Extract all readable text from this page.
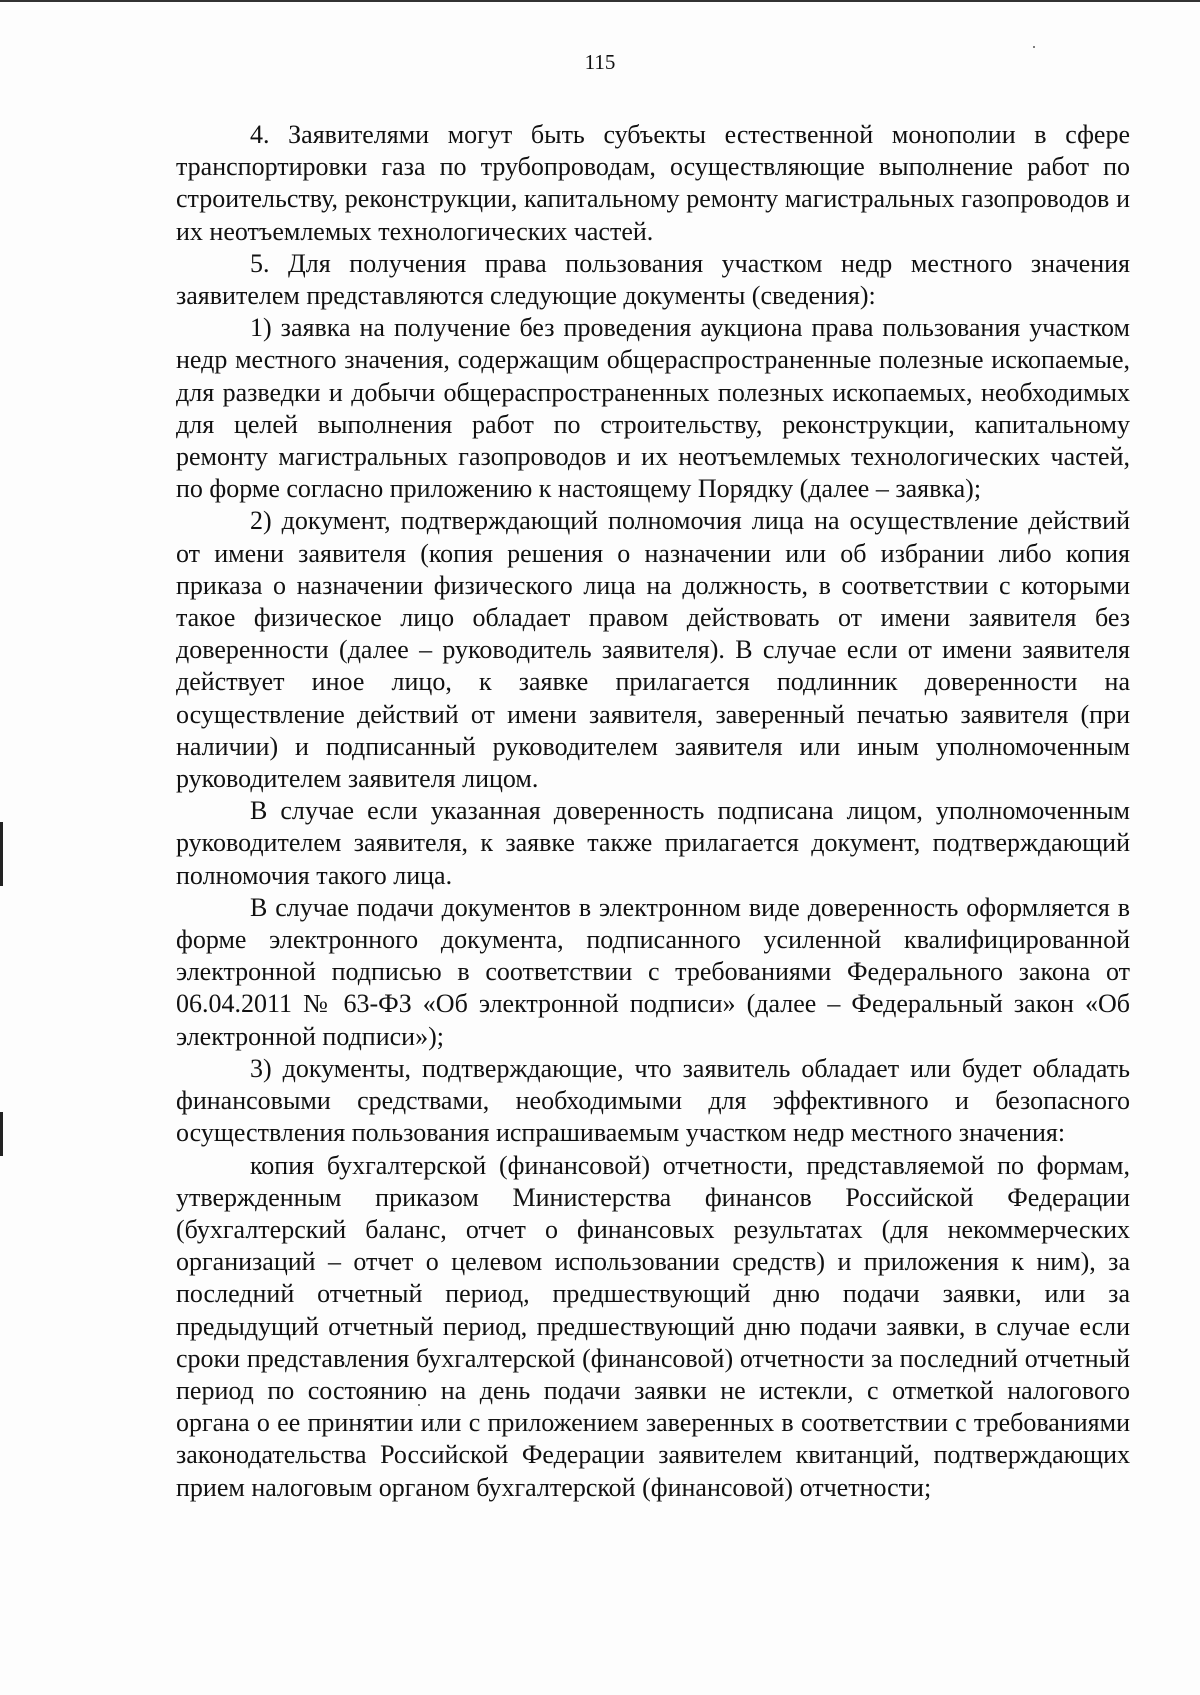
115

4. Заявителями могут быть субъекты естественной монополии в сфере транспортировки газа по трубопроводам, осуществляющие выполнение работ по строительству, реконструкции, капитальному ремонту магистральных газопроводов и их неотъемлемых технологических частей.

5. Для получения права пользования участком недр местного значения заявителем представляются следующие документы (сведения):

1) заявка на получение без проведения аукциона права пользования участком недр местного значения, содержащим общераспространенные полезные ископаемые, для разведки и добычи общераспространенных полезных ископаемых, необходимых для целей выполнения работ по строительству, реконструкции, капитальному ремонту магистральных газопроводов и их неотъемлемых технологических частей, по форме согласно приложению к настоящему Порядку (далее – заявка);

2) документ, подтверждающий полномочия лица на осуществление действий от имени заявителя (копия решения о назначении или об избрании либо копия приказа о назначении физического лица на должность, в соответствии с которыми такое физическое лицо обладает правом действовать от имени заявителя без доверенности (далее – руководитель заявителя). В случае если от имени заявителя действует иное лицо, к заявке прилагается подлинник доверенности на осуществление действий от имени заявителя, заверенный печатью заявителя (при наличии) и подписанный руководителем заявителя или иным уполномоченным руководителем заявителя лицом.

В случае если указанная доверенность подписана лицом, уполномоченным руководителем заявителя, к заявке также прилагается документ, подтверждающий полномочия такого лица.

В случае подачи документов в электронном виде доверенность оформляется в форме электронного документа, подписанного усиленной квалифицированной электронной подписью в соответствии с требованиями Федерального закона от 06.04.2011 № 63-ФЗ «Об электронной подписи» (далее – Федеральный закон «Об электронной подписи»);

3) документы, подтверждающие, что заявитель обладает или будет обладать финансовыми средствами, необходимыми для эффективного и безопасного осуществления пользования испрашиваемым участком недр местного значения:

копия бухгалтерской (финансовой) отчетности, представляемой по формам, утвержденным приказом Министерства финансов Российской Федерации (бухгалтерский баланс, отчет о финансовых результатах (для некоммерческих организаций – отчет о целевом использовании средств) и приложения к ним), за последний отчетный период, предшествующий дню подачи заявки, или за предыдущий отчетный период, предшествующий дню подачи заявки, в случае если сроки представления бухгалтерской (финансовой) отчетности за последний отчетный период по состоянию на день подачи заявки не истекли, с отметкой налогового органа о ее принятии или с приложением заверенных в соответствии с требованиями законодательства Российской Федерации заявителем квитанций, подтверждающих прием налоговым органом бухгалтерской (финансовой) отчетности;
